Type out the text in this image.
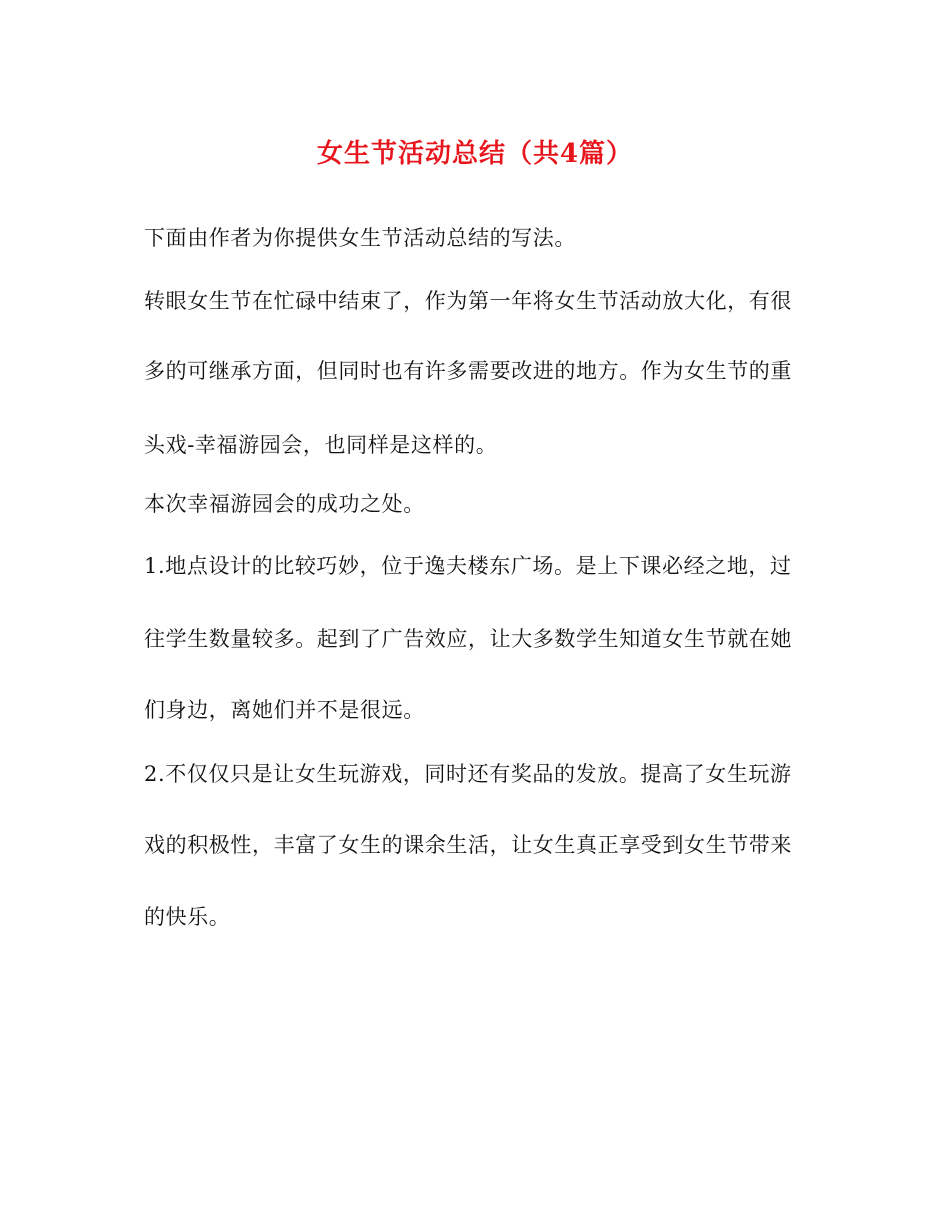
女生节活动总结（共4篇）
下面由作者为你提供女生节活动总结的写法。
转眼女生节在忙碌中结束了，作为第一年将女生节活动放大化，有很
多的可继承方面，但同时也有许多需要改进的地方。作为女生节的重
头戏-幸福游园会，也同样是这样的。
本次幸福游园会的成功之处。
1.地点设计的比较巧妙，位于逸夫楼东广场。是上下课必经之地，过
往学生数量较多。起到了广告效应，让大多数学生知道女生节就在她
们身边，离她们并不是很远。
2.不仅仅只是让女生玩游戏，同时还有奖品的发放。提高了女生玩游
戏的积极性，丰富了女生的课余生活，让女生真正享受到女生节带来
的快乐。
